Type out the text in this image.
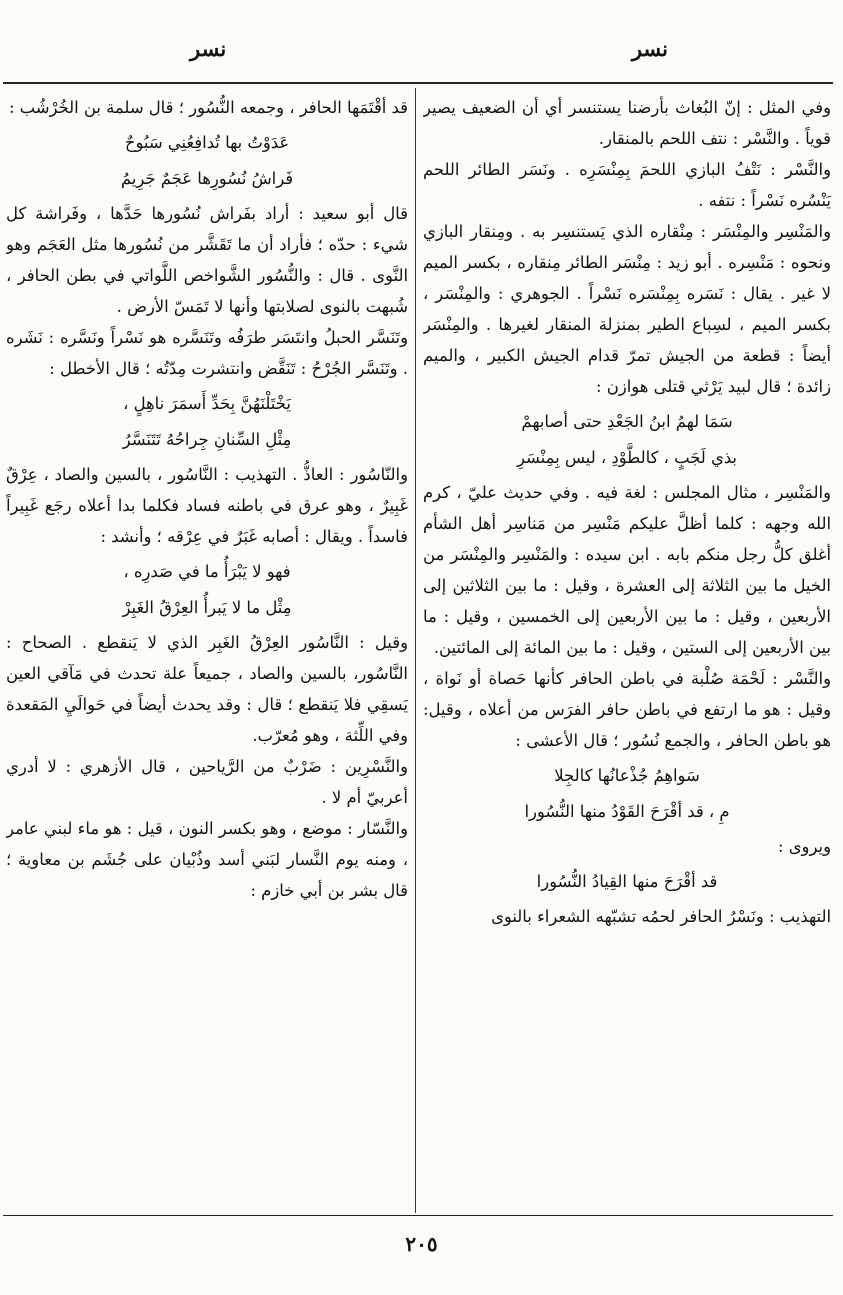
نسر
نسر

وفي المثل : إنّ البُغاث بأرضنا يستنسر أي أن الضعيف يصير قوياً . والنَّسْر : نتف اللحم بالمنقار.

والنَّسْر : نَتْفُ البازي اللحمَ بِمِنْسَرِه . ونَسَر الطائر اللحم يَنْسُره نَسْراً : نتفه .

والمَنْسِر والمِنْسَر : مِنْقاره الذي يَستنسِر به . ومِنقار البازي ونحوه : مَنْسِره . أبو زيد : مِنْسَر الطائر مِنقاره ، بكسر الميم لا غير . يقال : نَسَره بِمِنْسَره نَسْراً . الجوهري : والمِنْسَر ، بكسر الميم ، لسِباع الطير بمنزلة المنقار لغيرها . والمِنْسَر أيضاً : قطعة من الجيش تمرّ قدام الجيش الكبير ، والميم زائدة ؛ قال لبيد يَرْثي قتلى هوازن :

سَمَا لهمُ ابنُ الجَعْدِ حتى أصابهمْ

بذي لَجَبٍ ، كالطَّوْدِ ، ليس بِمِنْسَرِ

والمَنْسِر ، مثال المجلس : لغة فيه . وفي حديث عليّ ، كرم الله وجهه : كلما أظلَّ عليكم مَنْسِر من مَناسِر أهل الشأم أغلق كلُّ رجل منكم بابه . ابن سيده : والمَنْسِر والمِنْسَر من الخيل ما بين الثلاثة إلى العشرة ، وقيل : ما بين الثلاثين إلى الأربعين ، وقيل : ما بين الأربعين إلى الخمسين ، وقيل : ما بين الأربعين إلى الستين ، وقيل : ما بين المائة إلى المائتين.

والنَّسْر : لَحْمَة صُلْبة في باطن الحافر كأنها حَصاة أو نَواة ، وقيل : هو ما ارتفع في باطن حافر الفرَس من أعلاه ، وقيل: هو باطن الحافر ، والجمع نُسُور ؛ قال الأعشى :

سَواهِمُ جُذْعانُها كالجِلا

مِ ، قد أقْرَحَ القَوْدُ منها النُّسُورا

ويروى :

قد أقْرَحَ منها القِيادُ النُّسُورا

التهذيب : ونَسْرُ الحافر لحمُه تشبّهه الشعراء بالنوى

قد أقْتَمَها الحافر ، وجمعه النُّسُور ؛ قال سلمة بن الخُرْشُب :

عَدَوْتُ بها تُدافِعُنِي سَبُوحٌ

فَراشُ نُسُورِها عَجَمٌ جَرِيمُ

قال أبو سعيد : أراد بفَراش نُسُورها حَدَّها ، وفَراشة كل شيء : حدّه ؛ فأراد أن ما تَقَشَّر من نُسُورها مثل العَجَم وهو النَّوى . قال : والنُّسُور الشَّواخص اللَّواتي في بطن الحافر ، شُبهت بالنوى لصلابتها وأنها لا تَمَسّ الأرض .

وتَنَسَّر الحبلُ وانتَسَر طرَفُه وتَنَسَّره هو نَسْراً ونَسَّره : نَشَره . وتَنَسَّر الجُرْحُ : تَنَقَّض وانتشرت مِدّتُه ؛ قال الأخطل :

يَخْتَلْنَهُنَّ بِحَدِّ أَسمَرَ ناهِلٍ ،

مِثْلِ السِّنانِ جِراحُهُ تَتَنَسَّرُ

والنّاسُور : العاذُّ . التهذيب : النَّاسُور ، بالسين والصاد ، عِرْقٌ غَبِيرٌ ، وهو عرق في باطنه فساد فكلما بدا أعلاه رجَع غَبِيراً فاسداً . ويقال : أصابه غَبَرٌ في عِرْقه ؛ وأنشد :

فهو لا يَبْرَأُ ما في صَدرِه ،

مِثْل ما لا يَبرأُ العِرْقُ الغَبِرْ

وقيل : النَّاسُور العِرْقُ الغَبِر الذي لا يَنقطع . الصحاح : النَّاسُور، بالسين والصاد ، جميعاً علة تحدث في مَآقي العين يَسقِي فلا يَنقطع ؛ قال : وقد يحدث أيضاً في حَوالَيِ المَقعدة وفي اللِّثة ، وهو مُعرّب.

والنَّسْرِين : ضَرْبٌ من الرَّياحين ، قال الأزهري : لا أدري أعربيّ أم لا .

والنَّسّار : موضع ، وهو بكسر النون ، قيل : هو ماء لبني عامر ، ومنه يوم النَّسار لبَني أسد وذُبْيان على جُشَم بن معاوية ؛ قال بشر بن أبي خازم :

٢٠٥
